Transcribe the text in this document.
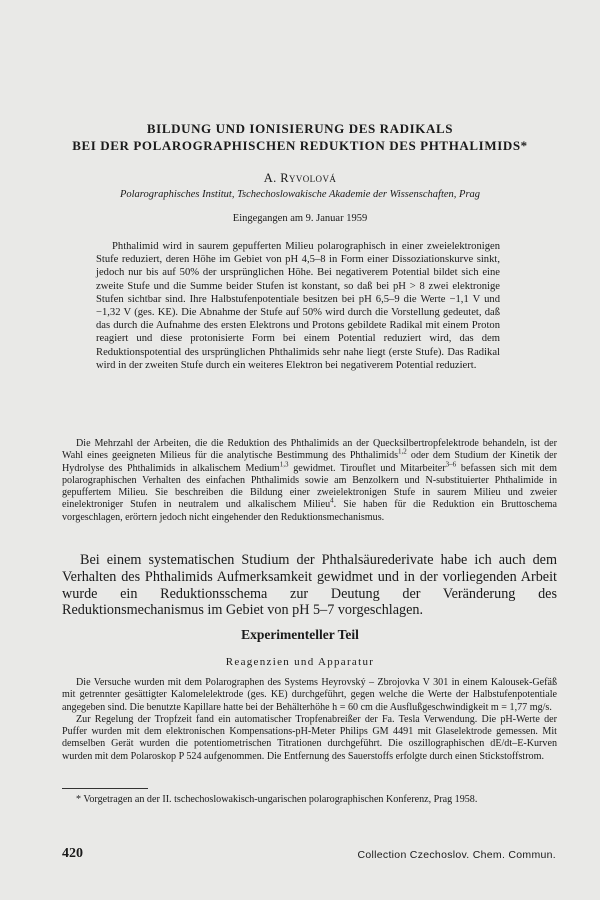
BILDUNG UND IONISIERUNG DES RADIKALS
BEI DER POLAROGRAPHISCHEN REDUKTION DES PHTHALIMIDS*
A. Ryvolová
Polarographisches Institut, Tschechoslowakische Akademie der Wissenschaften, Prag
Eingegangen am 9. Januar 1959

Phthalimid wird in saurem gepufferten Milieu polarographisch in einer zweielektronigen Stufe reduziert, deren Höhe im Gebiet von pH 4,5–8 in Form einer Dissoziationskurve sinkt, jedoch nur bis auf 50% der ursprünglichen Höhe. Bei negativerem Potential bildet sich eine zweite Stufe und die Summe beider Stufen ist konstant, so daß bei pH > 8 zwei elektronige Stufen sichtbar sind. Ihre Halbstufenpotentiale besitzen bei pH 6,5–9 die Werte −1,1 V und −1,32 V (ges. KE). Die Abnahme der Stufe auf 50% wird durch die Vorstellung gedeutet, daß das durch die Aufnahme des ersten Elektrons und Protons gebildete Radikal mit einem Proton reagiert und diese protonisierte Form bei einem Potential reduziert wird, das dem Reduktionspotential des ursprünglichen Phthalimids sehr nahe liegt (erste Stufe). Das Radikal wird in der zweiten Stufe durch ein weiteres Elektron bei negativerem Potential reduziert.

Die Mehrzahl der Arbeiten, die die Reduktion des Phthalimids an der Quecksilbertropfelektrode behandeln, ist der Wahl eines geeigneten Milieus für die analytische Bestimmung des Phthalimids$^{1,2}$ oder dem Studium der Kinetik der Hydrolyse des Phthalimids in alkalischem Medium$^{1,3}$ gewidmet. Tirouflet und Mitarbeiter$^{3-6}$ befassen sich mit dem polarographischen Verhalten des einfachen Phthalimids sowie am Benzolkern und N-substituierter Phthalimide in gepuffertem Milieu. Sie beschreiben die Bildung einer zweielektronigen Stufe in saurem Milieu und zweier einelektroniger Stufen in neutralem und alkalischem Milieu$^4$. Sie haben für die Reduktion ein Bruttoschema vorgeschlagen, erörtern jedoch nicht eingehender den Reduktionsmechanismus.

Bei einem systematischen Studium der Phthalsäurederivate habe ich auch dem Verhalten des Phthalimids Aufmerksamkeit gewidmet und in der vorliegenden Arbeit wurde ein Reduktionsschema zur Deutung der Veränderung des Reduktionsmechanismus im Gebiet von pH 5–7 vorgeschlagen.

Experimenteller Teil
Reagenzien und Apparatur

Die Versuche wurden mit dem Polarographen des Systems Heyrovský – Zbrojovka V 301 in einem Kalousek-Gefäß mit getrennter gesättigter Kalomelelektrode (ges. KE) durchgeführt, gegen welche die Werte der Halbstufenpotentiale angegeben sind. Die benutzte Kapillare hatte bei der Behälterhöhe h = 60 cm die Ausflußgeschwindigkeit m = 1,77 mg/s.

Zur Regelung der Tropfzeit fand ein automatischer Tropfenabreißer der Fa. Tesla Verwendung. Die pH-Werte der Puffer wurden mit dem elektronischen Kompensations-pH-Meter Philips GM 4491 mit Glaselektrode gemessen. Mit demselben Gerät wurden die potentiometrischen Titrationen durchgeführt. Die oszillographischen dE/dt–E-Kurven wurden mit dem Polaroskop P 524 aufgenommen. Die Entfernung des Sauerstoffs erfolgte durch einen Stickstoffstrom.

* Vorgetragen an der II. tschechoslowakisch-ungarischen polarographischen Konferenz, Prag 1958.

420	Collection Czechoslov. Chem. Commun.
